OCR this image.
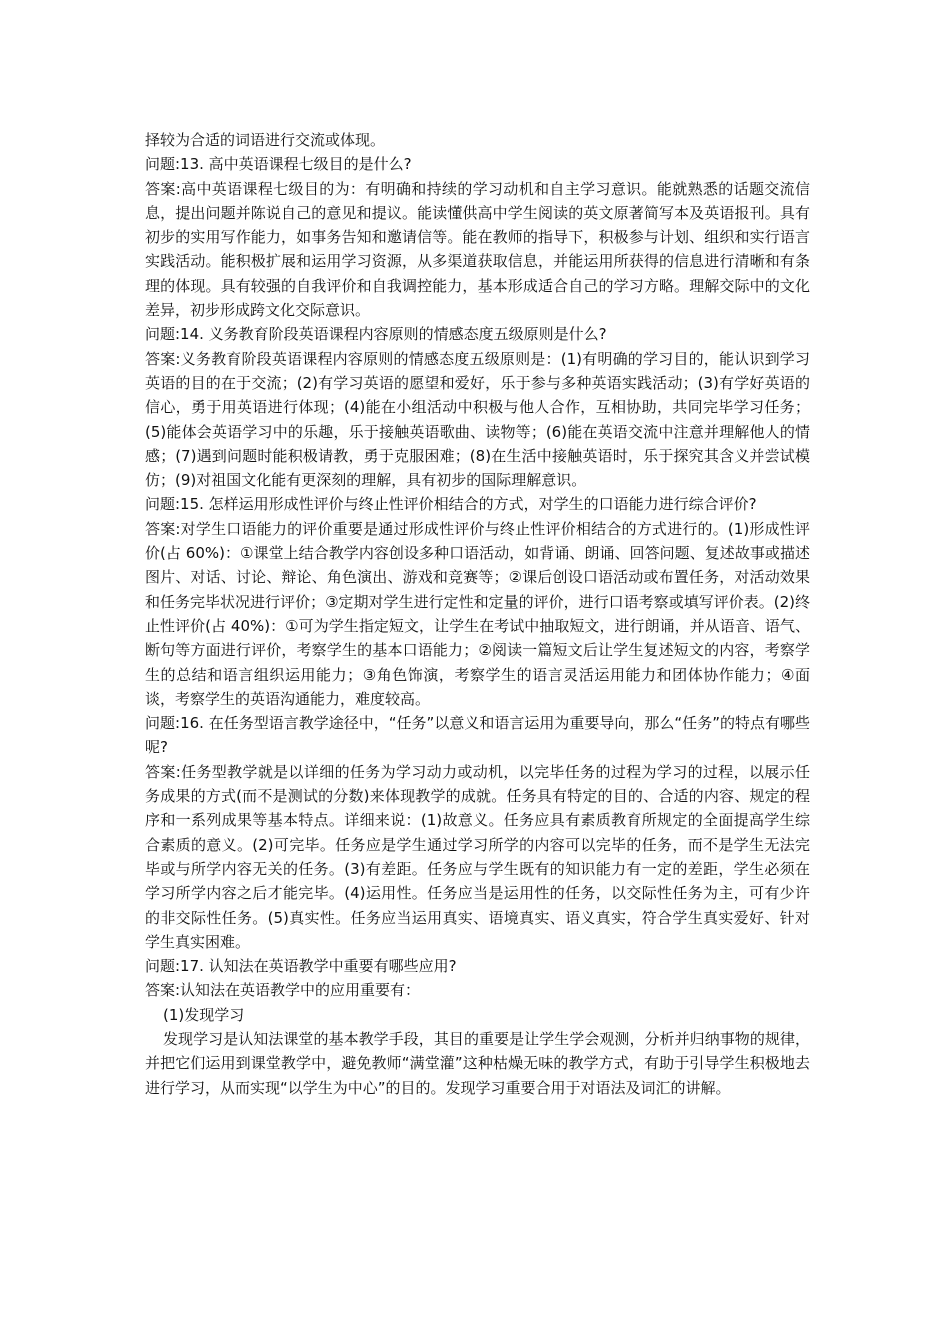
择较为合适的词语进行交流或体现。

问题:13. 高中英语课程七级目的是什么?

答案:高中英语课程七级目的为：有明确和持续的学习动机和自主学习意识。能就熟悉的话题交流信息，提出问题并陈说自己的意见和提议。能读懂供高中学生阅读的英文原著简写本及英语报刊。具有初步的实用写作能力，如事务告知和邀请信等。能在教师的指导下，积极参与计划、组织和实行语言实践活动。能积极扩展和运用学习资源，从多渠道获取信息，并能运用所获得的信息进行清晰和有条理的体现。具有较强的自我评价和自我调控能力，基本形成适合自己的学习方略。理解交际中的文化差异，初步形成跨文化交际意识。

问题:14. 义务教育阶段英语课程内容原则的情感态度五级原则是什么?

答案:义务教育阶段英语课程内容原则的情感态度五级原则是：(1)有明确的学习目的，能认识到学习英语的目的在于交流；(2)有学习英语的愿望和爱好，乐于参与多种英语实践活动；(3)有学好英语的信心，勇于用英语进行体现；(4)能在小组活动中积极与他人合作，互相协助，共同完毕学习任务；(5)能体会英语学习中的乐趣，乐于接触英语歌曲、读物等；(6)能在英语交流中注意并理解他人的情感；(7)遇到问题时能积极请教，勇于克服困难；(8)在生活中接触英语时，乐于探究其含义并尝试模仿；(9)对祖国文化能有更深刻的理解，具有初步的国际理解意识。

问题:15. 怎样运用形成性评价与终止性评价相结合的方式，对学生的口语能力进行综合评价?

答案:对学生口语能力的评价重要是通过形成性评价与终止性评价相结合的方式进行的。(1)形成性评价(占 60%)：①课堂上结合教学内容创设多种口语活动，如背诵、朗诵、回答问题、复述故事或描述图片、对话、讨论、辩论、角色演出、游戏和竞赛等；②课后创设口语活动或布置任务，对活动效果和任务完毕状况进行评价；③定期对学生进行定性和定量的评价，进行口语考察或填写评价表。(2)终止性评价(占 40%)：①可为学生指定短文，让学生在考试中抽取短文，进行朗诵，并从语音、语气、断句等方面进行评价，考察学生的基本口语能力；②阅读一篇短文后让学生复述短文的内容，考察学生的总结和语言组织运用能力；③角色饰演，考察学生的语言灵活运用能力和团体协作能力；④面谈，考察学生的英语沟通能力，难度较高。

问题:16. 在任务型语言教学途径中，“任务”以意义和语言运用为重要导向，那么“任务”的特点有哪些呢?

答案:任务型教学就是以详细的任务为学习动力或动机，以完毕任务的过程为学习的过程，以展示任务成果的方式(而不是测试的分数)来体现教学的成就。任务具有特定的目的、合适的内容、规定的程序和一系列成果等基本特点。详细来说：(1)故意义。任务应具有素质教育所规定的全面提高学生综合素质的意义。(2)可完毕。任务应是学生通过学习所学的内容可以完毕的任务，而不是学生无法完毕或与所学内容无关的任务。(3)有差距。任务应与学生既有的知识能力有一定的差距，学生必须在学习所学内容之后才能完毕。(4)运用性。任务应当是运用性的任务，以交际性任务为主，可有少许的非交际性任务。(5)真实性。任务应当运用真实、语境真实、语义真实，符合学生真实爱好、针对学生真实困难。

问题:17. 认知法在英语教学中重要有哪些应用?

答案:认知法在英语教学中的应用重要有：

(1)发现学习

发现学习是认知法课堂的基本教学手段，其目的重要是让学生学会观测，分析并归纳事物的规律，并把它们运用到课堂教学中，避免教师“满堂灌”这种枯燥无味的教学方式，有助于引导学生积极地去进行学习，从而实现“以学生为中心”的目的。发现学习重要合用于对语法及词汇的讲解。
